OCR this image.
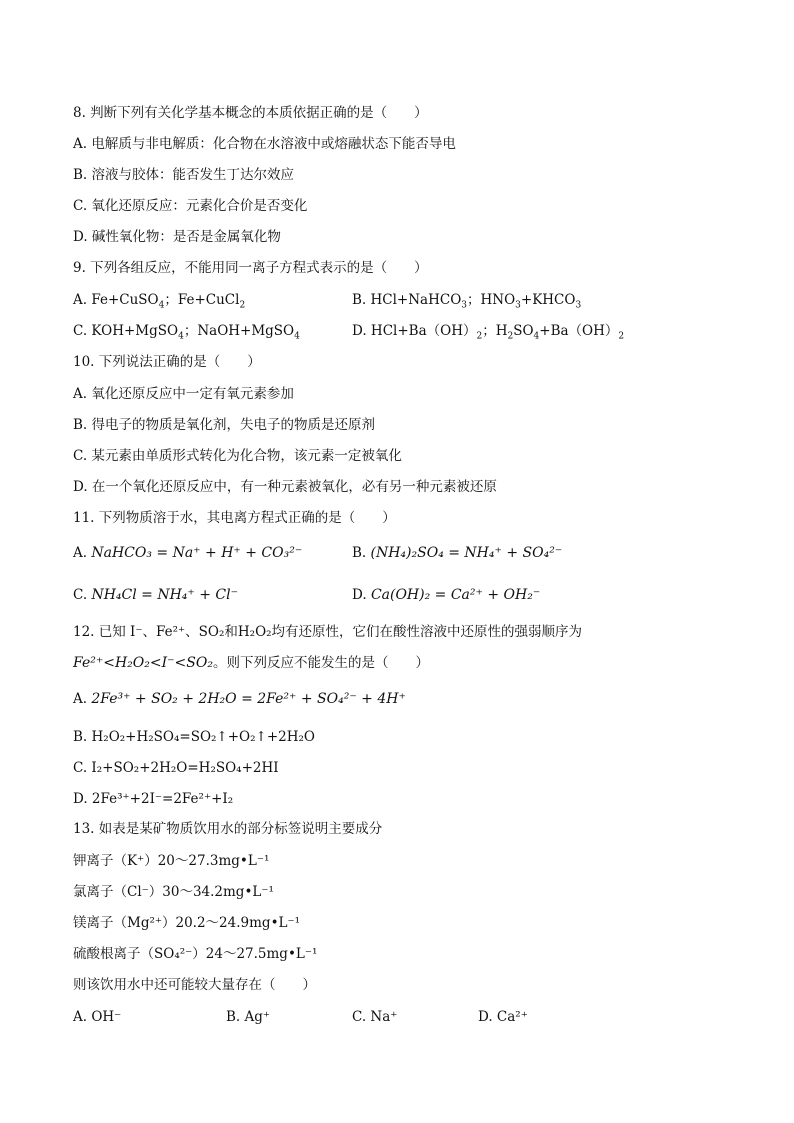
8. 判断下列有关化学基本概念的本质依据正确的是（　　）
A. 电解质与非电解质：化合物在水溶液中或熔融状态下能否导电
B. 溶液与胶体：能否发生丁达尔效应
C. 氧化还原反应：元素化合价是否变化
D. 碱性氧化物：是否是金属氧化物
9. 下列各组反应，不能用同一离子方程式表示的是（　　）
A. Fe+CuSO$_4$；Fe+CuCl$_2$	B. HCl+NaHCO$_3$；$HNO_3+KHCO_3$
C. KOH+MgSO$_4$；NaOH+MgSO$_4$	D. $HCl+Ba(OH)_2$；$H_2SO_4+Ba(OH)_2$
10. 下列说法正确的是（　　）
A. 氧化还原反应中一定有氧元素参加
B. 得电子的物质是氧化剂，失电子的物质是还原剂
C. 某元素由单质形式转化为化合物，该元素一定被氧化
D. 在一个氧化还原反应中，有一种元素被氧化，必有另一种元素被还原
11. 下列物质溶于水，其电离方程式正确的是（　　）
A. NaHCO₃ = Na⁺ + H⁺ + CO₃²⁻	B. (NH₄)₂SO₄ = NH₄⁺ + SO₄²⁻
C. NH₄Cl = NH₄⁺ + Cl⁻	D. Ca(OH)₂ = Ca²⁺ + OH₂⁻
12. 已知 I⁻、Fe²⁺、SO₂和H₂O₂均有还原性，它们在酸性溶液中还原性的强弱顺序为
Fe²⁺<H₂O₂<I⁻<SO₂。则下列反应不能发生的是（　　）
A. 2Fe³⁺ + SO₂ + 2H₂O = 2Fe²⁺ + SO₄²⁻ + 4H⁺
B. H₂O₂+H₂SO₄=SO₂↑+O₂↑+2H₂O
C. I₂+SO₂+2H₂O=H₂SO₄+2HI
D. 2Fe³⁺+2I⁻=2Fe²⁺+I₂
13. 如表是某矿物质饮用水的部分标签说明主要成分
钾离子（K⁺）20～27.3mg•L⁻¹
氯离子（Cl⁻）30～34.2mg•L⁻¹
镁离子（Mg²⁺）20.2～24.9mg•L⁻¹
硫酸根离子（SO₄²⁻）24～27.5mg•L⁻¹
则该饮用水中还可能较大量存在（　　）
A. OH⁻	B. Ag⁺	C. Na⁺	D. Ca²⁺
